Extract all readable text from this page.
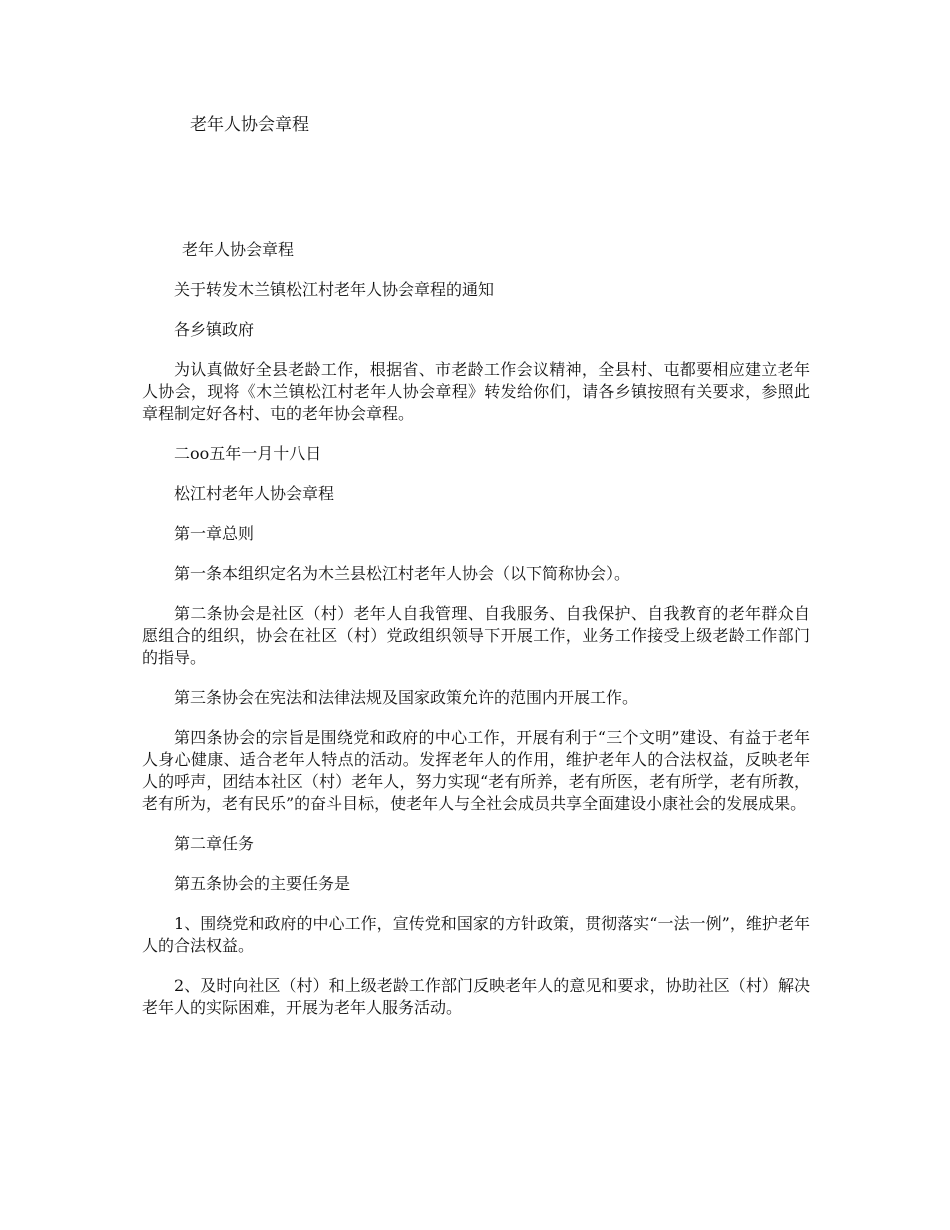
老年人协会章程

老年人协会章程

关于转发木兰镇松江村老年人协会章程的通知

各乡镇政府

为认真做好全县老龄工作，根据省、市老龄工作会议精神，全县村、屯都要相应建立老年人协会，现将《木兰镇松江村老年人协会章程》转发给你们，请各乡镇按照有关要求，参照此章程制定好各村、屯的老年协会章程。

二oo五年一月十八日

松江村老年人协会章程

第一章总则

第一条本组织定名为木兰县松江村老年人协会（以下简称协会）。

第二条协会是社区（村）老年人自我管理、自我服务、自我保护、自我教育的老年群众自愿组合的组织，协会在社区（村）党政组织领导下开展工作，业务工作接受上级老龄工作部门的指导。

第三条协会在宪法和法律法规及国家政策允许的范围内开展工作。

第四条协会的宗旨是围绕党和政府的中心工作，开展有利于“三个文明”建设、有益于老年人身心健康、适合老年人特点的活动。发挥老年人的作用，维护老年人的合法权益，反映老年人的呼声，团结本社区（村）老年人，努力实现“老有所养，老有所医，老有所学，老有所教，老有所为，老有民乐”的奋斗目标，使老年人与全社会成员共享全面建设小康社会的发展成果。

第二章任务

第五条协会的主要任务是

1、围绕党和政府的中心工作，宣传党和国家的方针政策，贯彻落实“一法一例”，维护老年人的合法权益。

2、及时向社区（村）和上级老龄工作部门反映老年人的意见和要求，协助社区（村）解决老年人的实际困难，开展为老年人服务活动。
